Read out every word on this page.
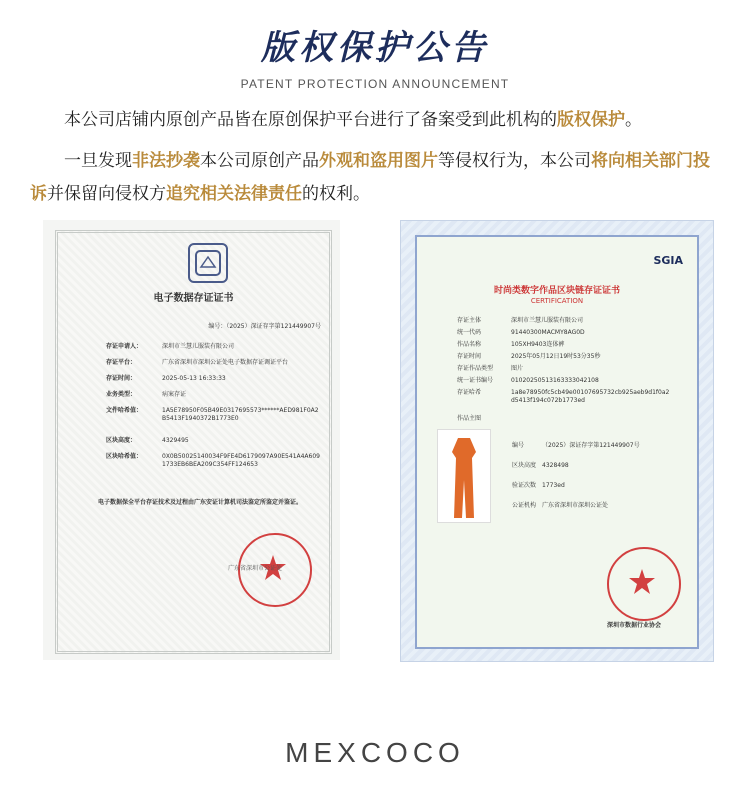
版权保护公告
PATENT PROTECTION ANNOUNCEMENT
本公司店铺内原创产品皆在原创保护平台进行了备案受到此机构的版权保护。
一旦发现非法抄袭本公司原创产品外观和盗用图片等侵权行为，本公司将向相关部门投诉并保留向侵权方追究相关法律责任的权利。
电子数据存证证书
编号：（2025）深证存字第121449907号
存证申请人：	深圳市兰慧儿服装有限公司
存证平台：	广东省深圳市深圳公证处电子数据存证调证平台
存证时间：	2025-05-13 16:33:33
业务类型：	病案存证
文件哈希值：	1A5E78950F05B49E0317695573******AED981F0A2B5413F1940372B1773E0
区块高度：	4329495
区块哈希值：	0X0B50025140034F9FE4D6179097A90E541A4A6091733EB6BEA209C354FF124653
电子数据保全平台存证技术及过程由广东安证计算机司法鉴定所鉴定并鉴证。
广东省深圳市公证处
SGIA
时尚类数字作品区块链存证证书
CERTIFICATION
存证主体	深圳市兰慧儿服装有限公司
统一代码	91440300MACMY8AG0D
作品名称	105XH9403连体裤
存证时间	2025年05月12日19时53分35秒
存证作品类型	图片
统一证书编号	01020250513163333042108
存证哈希	1a8e78950fc5cb49e00107695732cb925aeb9d1f0a2d5413f194c072b1773ed
作品主图
编号	（2025）深证存字第121449907号
区块高度 4328498
验证次数 1773ed
公证机构 广东省深圳市深圳公证处
深圳市数据行业协会
MEXCOCO
